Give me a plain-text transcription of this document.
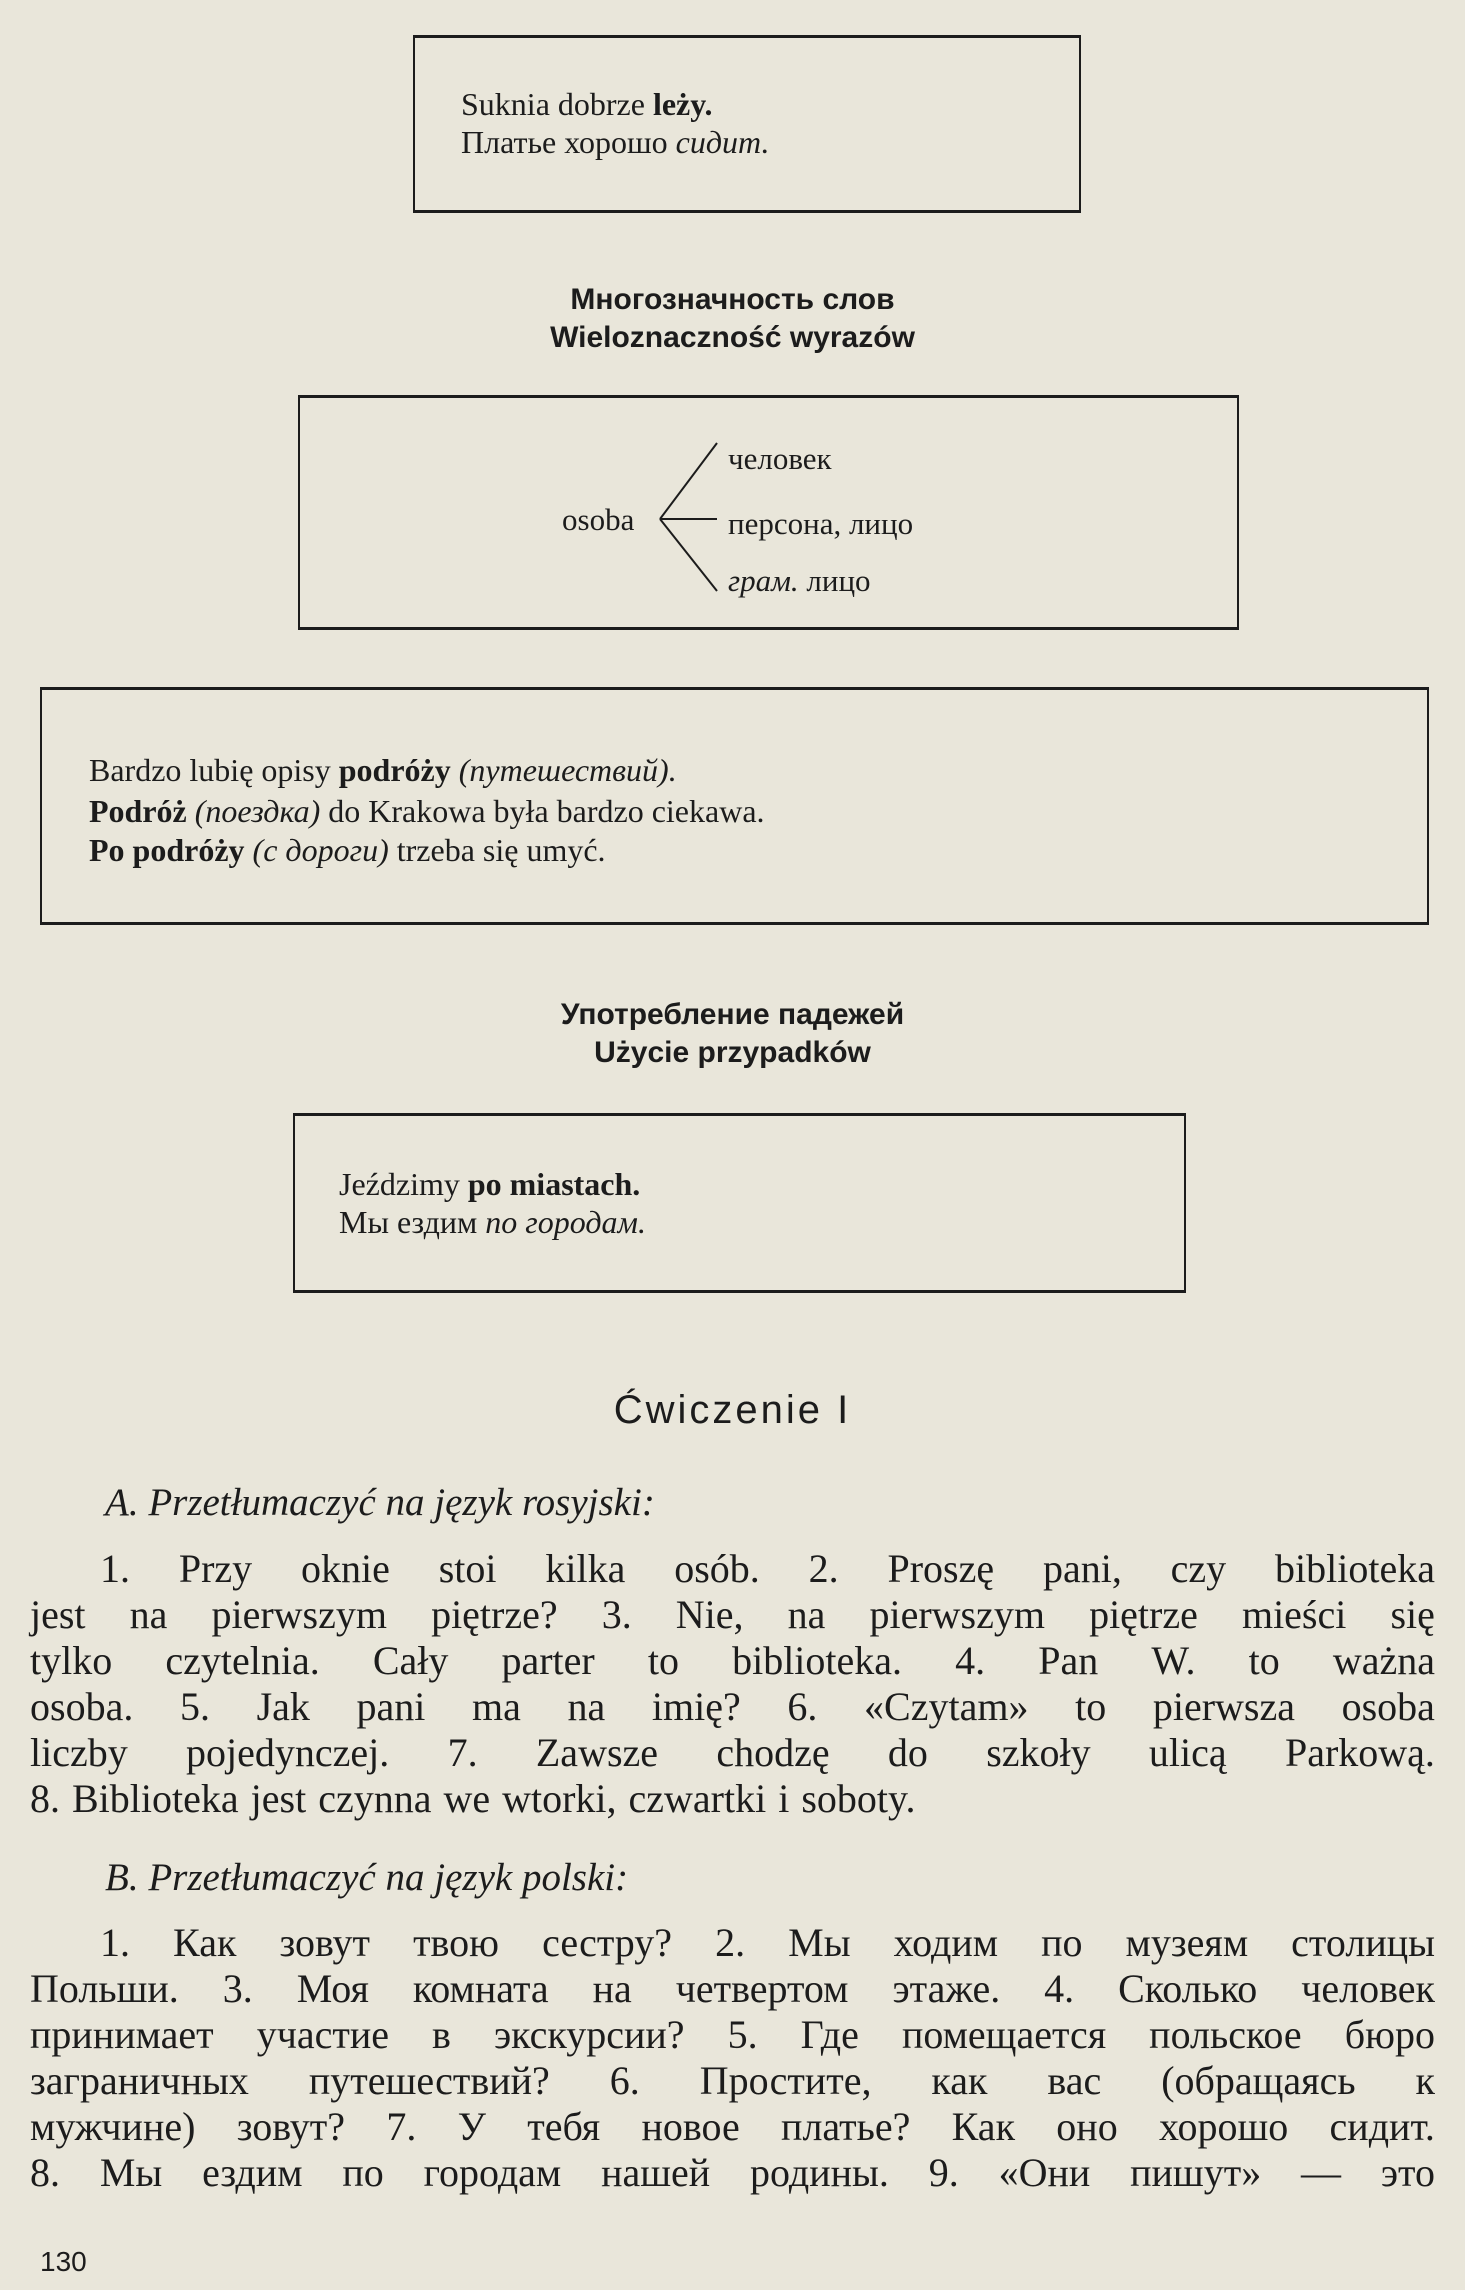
Suknia dobrze leży.
Платье хорошо сидит.
Многозначность слов
Wieloznaczność wyrazów
osoba
человек
персона, лицо
грам. лицо
Bardzo lubię opisy podróży (путешествий).
Podróż (поездка) do Krakowa była bardzo ciekawa.
Po podróży (с дороги) trzeba się umyć.
Употребление падежей
Użycie przypadków
Jeździmy po miastach.
Мы ездим по городам.
Ćwiczenie I
A. Przetłumaczyć na język rosyjski:
1. Przy oknie stoi kilka osób. 2. Proszę pani, czy biblioteka
jest na pierwszym piętrze? 3. Nie, na pierwszym piętrze mieści się
tylko czytelnia. Cały parter to biblioteka. 4. Pan W. to ważna
osoba. 5. Jak pani ma na imię? 6. «Czytam» to pierwsza osoba
liczby pojedynczej. 7. Zawsze chodzę do szkoły ulicą Parkową.
8. Biblioteka jest czynna we wtorki, czwartki i soboty.
B. Przetłumaczyć na język polski:
1. Как зовут твою сестру? 2. Мы ходим по музеям столицы
Польши. 3. Моя комната на четвертом этаже. 4. Сколько человек
принимает участие в экскурсии? 5. Где помещается польское бюро
заграничных путешествий? 6. Простите, как вас (обращаясь к
мужчине) зовут? 7. У тебя новое платье? Как оно хорошо сидит.
8. Мы ездим по городам нашей родины. 9. «Они пишут» — это
130
